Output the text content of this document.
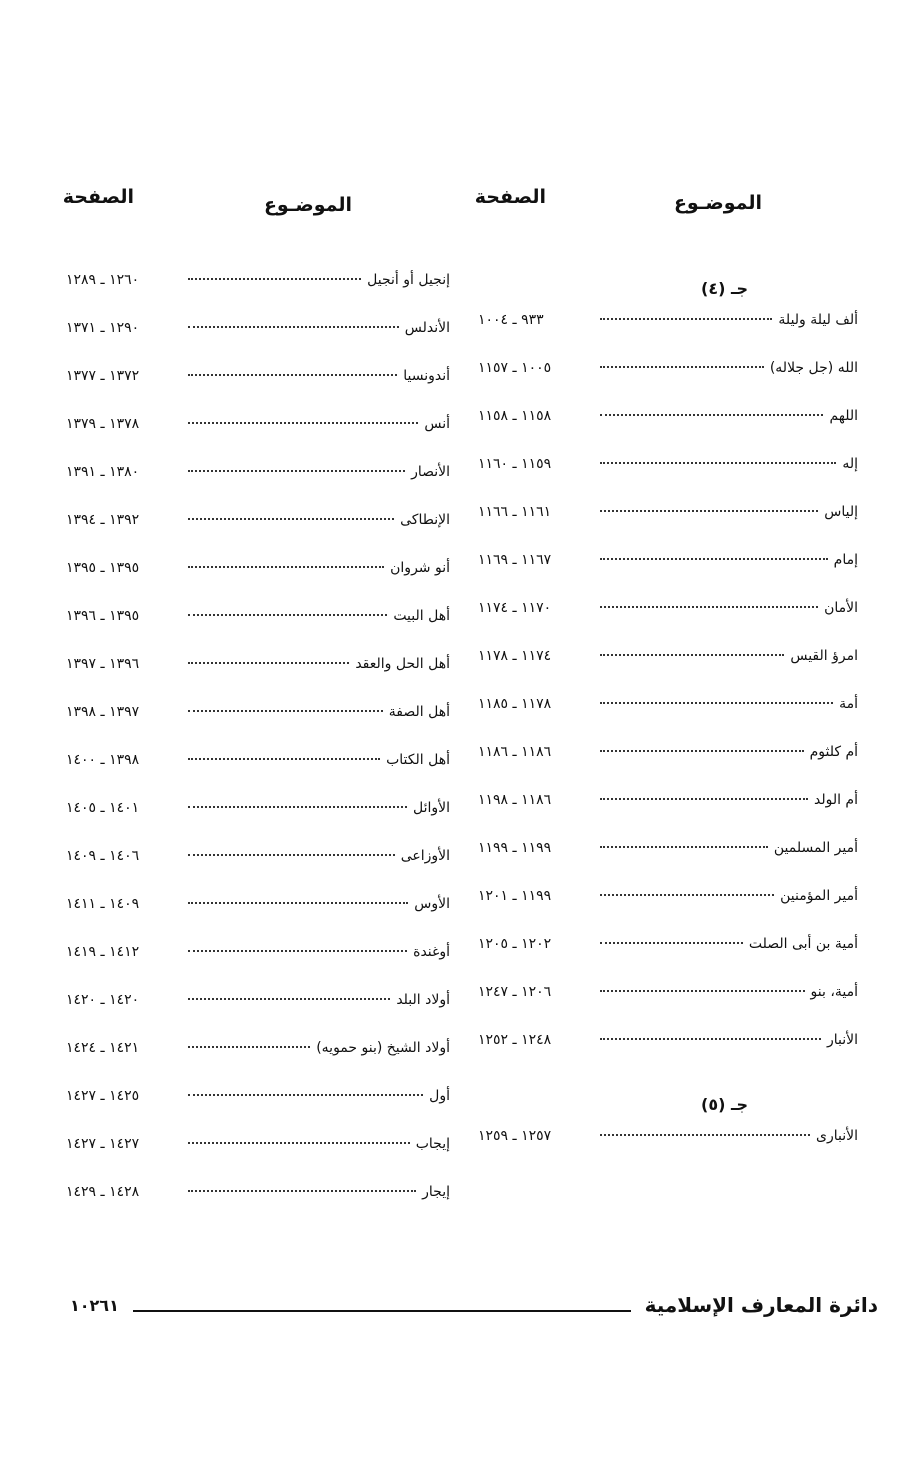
الموضـوع
الصفحة
جـ (٤)
ألف ليلة وليلة
٩٣٣ ـ ١٠٠٤
الله (جل جلاله)
١٠٠٥ ـ ١١٥٧
اللهم
١١٥٨ ـ ١١٥٨
إله
١١٥٩ ـ ١١٦٠
إلياس
١١٦١ ـ ١١٦٦
إمام
١١٦٧ ـ ١١٦٩
الأمان
١١٧٠ ـ ١١٧٤
امرؤ القيس
١١٧٤ ـ ١١٧٨
أمة
١١٧٨ ـ ١١٨٥
أم كلثوم
١١٨٦ ـ ١١٨٦
أم الولد
١١٨٦ ـ ١١٩٨
أمير المسلمين
١١٩٩ ـ ١١٩٩
أمير المؤمنين
١١٩٩ ـ ١٢٠١
أمية بن أبى الصلت
١٢٠٢ ـ ١٢٠٥
أمية، بنو
١٢٠٦ ـ ١٢٤٧
الأنبار
١٢٤٨ ـ ١٢٥٢
جـ (٥)
الأنبارى
١٢٥٧ ـ ١٢٥٩
الموضـوع
الصفحة
إنجيل أو أنجيل
١٢٦٠ ـ ١٢٨٩
الأندلس
١٢٩٠ ـ ١٣٧١
أندونسيا
١٣٧٢ ـ ١٣٧٧
أنس
١٣٧٨ ـ ١٣٧٩
الأنصار
١٣٨٠ ـ ١٣٩١
الإنطاكى
١٣٩٢ ـ ١٣٩٤
أنو شروان
١٣٩٥ ـ ١٣٩٥
أهل البيت
١٣٩٥ ـ ١٣٩٦
أهل الحل والعقد
١٣٩٦ ـ ١٣٩٧
أهل الصفة
١٣٩٧ ـ ١٣٩٨
أهل الكتاب
١٣٩٨ ـ ١٤٠٠
الأوائل
١٤٠١ ـ ١٤٠٥
الأوزاعى
١٤٠٦ ـ ١٤٠٩
الأوس
١٤٠٩ ـ ١٤١١
أوغندة
١٤١٢ ـ ١٤١٩
أولاد البلد
١٤٢٠ ـ ١٤٢٠
أولاد الشيخ (بنو حمويه)
١٤٢١ ـ ١٤٢٤
أول
١٤٢٥ ـ ١٤٢٧
إيجاب
١٤٢٧ ـ ١٤٢٧
إيجار
١٤٢٨ ـ ١٤٢٩
دائرة المعارف الإسلامية
١٠٢٦١
